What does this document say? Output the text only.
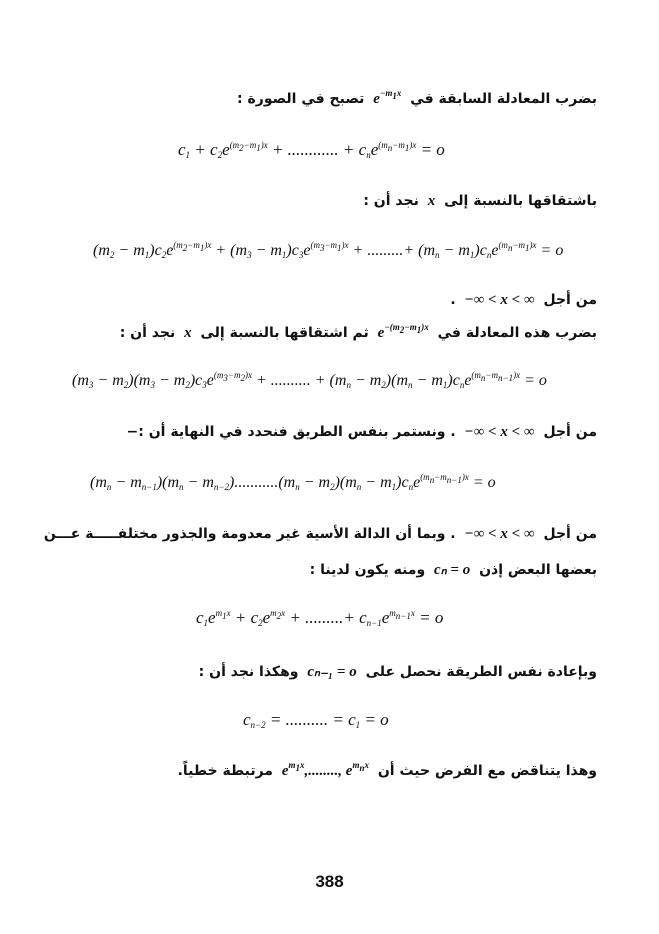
بضرب المعادلة السابقة في $e^{-m_1x}$ تصبح في الصورة :
$c_1 + c_2e^{(m_2-m_1)x}$ + ............ + $c_ne^{(m_n-m_1)x} = o$
باشتقاقها بالنسبة إلى x نجد أن :
$(m_2 - m_1)c_2e^{(m_2-m_1)x} + (m_3 - m_1)c_3e^{(m_3-m_1)x}$ + .........+ $(m_n - m_1)c_ne^{(m_n-m_1)x} = o$
من أجل −∞ < x < ∞ .
بضرب هذه المعادلة في $e^{-(m_2-m_1)x}$ ثم اشتقاقها بالنسبة إلى x نجد أن :
$(m_3 - m_2)(m_3 - m_2)c_3e^{(m_3-m_2)x}$ + .......... + $(m_n - m_2)(m_n - m_1)c_ne^{(m_n-m_{n-1})x} = o$
من أجل −∞ < x < ∞ . ونستمر بنفس الطريق فنحدد في النهاية أن :−
$(m_n - m_{n-1})(m_n - m_{n-2})...........(m_n - m_2)(m_n - m_1)c_ne^{(m_n-m_{n-1})x} = o$
من أجل −∞ < x < ∞ . وبما أن الدالة الأسية غير معدومة والجذور مختلفـــــة عـــن
بعضها البعض إذن cₙ = o ومنه يكون لدينا :
$c_1e^{m_1x} + c_2e^{m_2x}$ + .........+ $c_{n-1}e^{m_{n-1}x} = o$
وبإعادة نفس الطريقة نحصل على cₙ₋₁ = o وهكذا نجد أن :
$c_{n-2}$ = .......... = $c_1 = o$
وهذا يتناقض مع الفرض حيث أن $e^{m_1x}$,........, $e^{m_nx}$ مرتبطة خطياً.
388
